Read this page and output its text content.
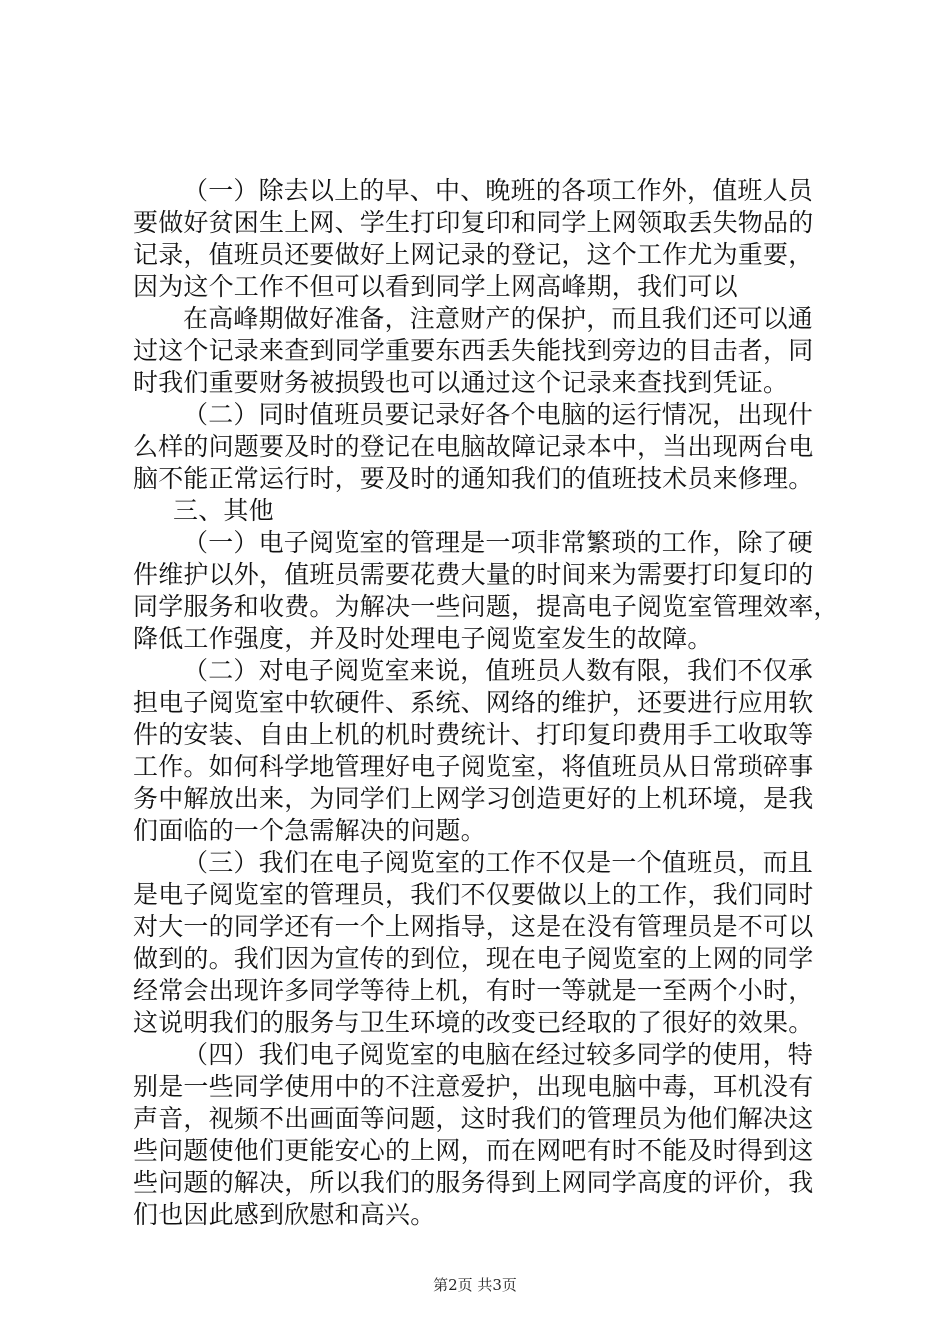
（一）除去以上的早、中、晚班的各项工作外，值班人员
要做好贫困生上网、学生打印复印和同学上网领取丢失物品的
记录，值班员还要做好上网记录的登记，这个工作尤为重要，
因为这个工作不但可以看到同学上网高峰期，我们可以
在高峰期做好准备，注意财产的保护，而且我们还可以通
过这个记录来查到同学重要东西丢失能找到旁边的目击者，同
时我们重要财务被损毁也可以通过这个记录来查找到凭证。
（二）同时值班员要记录好各个电脑的运行情况，出现什
么样的问题要及时的登记在电脑故障记录本中，当出现两台电
脑不能正常运行时，要及时的通知我们的值班技术员来修理。
三、其他
（一）电子阅览室的管理是一项非常繁琐的工作，除了硬
件维护以外，值班员需要花费大量的时间来为需要打印复印的
同学服务和收费。为解决一些问题，提高电子阅览室管理效率，
降低工作强度，并及时处理电子阅览室发生的故障。
（二）对电子阅览室来说，值班员人数有限，我们不仅承
担电子阅览室中软硬件、系统、网络的维护，还要进行应用软
件的安装、自由上机的机时费统计、打印复印费用手工收取等
工作。如何科学地管理好电子阅览室，将值班员从日常琐碎事
务中解放出来，为同学们上网学习创造更好的上机环境，是我
们面临的一个急需解决的问题。
（三）我们在电子阅览室的工作不仅是一个值班员，而且
是电子阅览室的管理员，我们不仅要做以上的工作，我们同时
对大一的同学还有一个上网指导，这是在没有管理员是不可以
做到的。我们因为宣传的到位，现在电子阅览室的上网的同学
经常会出现许多同学等待上机，有时一等就是一至两个小时，
这说明我们的服务与卫生环境的改变已经取的了很好的效果。
（四）我们电子阅览室的电脑在经过较多同学的使用，特
别是一些同学使用中的不注意爱护，出现电脑中毒，耳机没有
声音，视频不出画面等问题，这时我们的管理员为他们解决这
些问题使他们更能安心的上网，而在网吧有时不能及时得到这
些问题的解决，所以我们的服务得到上网同学高度的评价，我
们也因此感到欣慰和高兴。
第2页 共3页
